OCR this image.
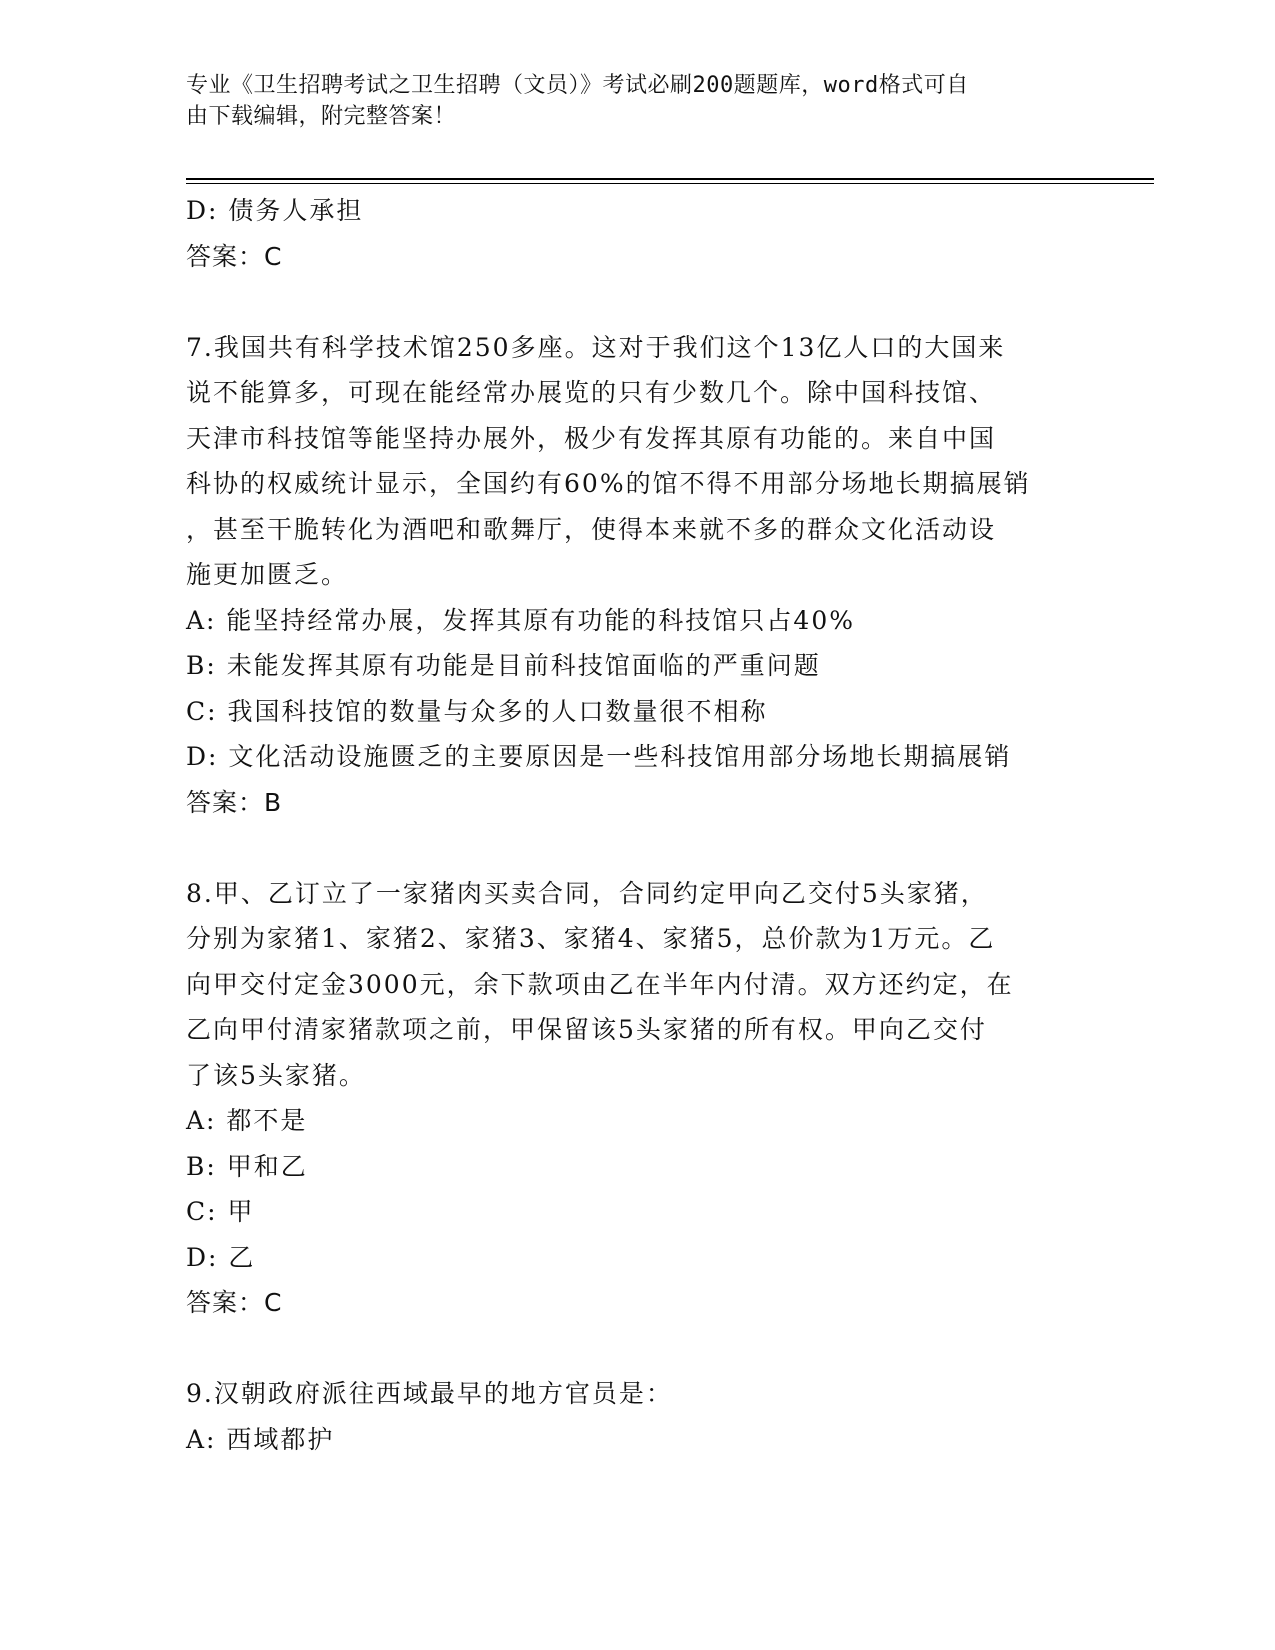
专业《卫生招聘考试之卫生招聘（文员）》考试必刷200题题库，word格式可自
由下载编辑，附完整答案！
D: 债务人承担
答案：C
7.我国共有科学技术馆250多座。这对于我们这个13亿人口的大国来
说不能算多，可现在能经常办展览的只有少数几个。除中国科技馆、
天津市科技馆等能坚持办展外，极少有发挥其原有功能的。来自中国
科协的权威统计显示，全国约有60%的馆不得不用部分场地长期搞展销
，甚至干脆转化为酒吧和歌舞厅，使得本来就不多的群众文化活动设
施更加匮乏。
A: 能坚持经常办展，发挥其原有功能的科技馆只占40%
B: 未能发挥其原有功能是目前科技馆面临的严重问题
C: 我国科技馆的数量与众多的人口数量很不相称
D: 文化活动设施匮乏的主要原因是一些科技馆用部分场地长期搞展销
答案：B
8.甲、乙订立了一家猪肉买卖合同，合同约定甲向乙交付5头家猪，
分别为家猪1、家猪2、家猪3、家猪4、家猪5，总价款为1万元。乙
向甲交付定金3000元，余下款项由乙在半年内付清。双方还约定，在
乙向甲付清家猪款项之前，甲保留该5头家猪的所有权。甲向乙交付
了该5头家猪。
A: 都不是
B: 甲和乙
C: 甲
D: 乙
答案：C
9.汉朝政府派往西域最早的地方官员是：
A: 西域都护
